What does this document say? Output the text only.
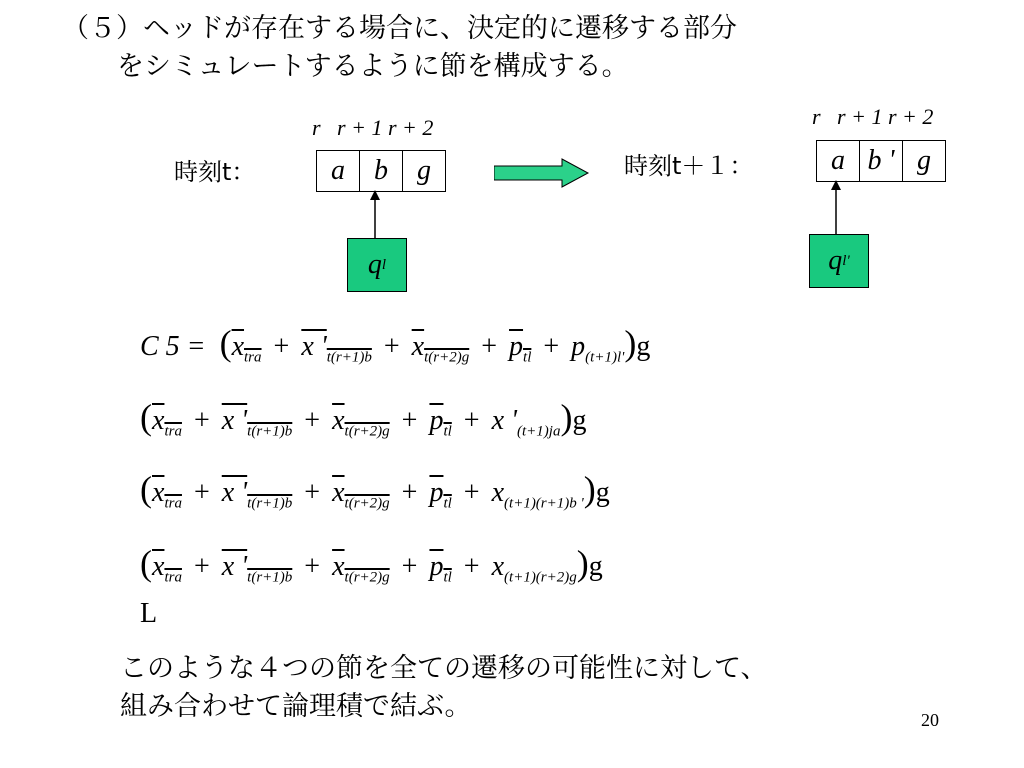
（５）ヘッドが存在する場合に、決定的に遷移する部分
をシミュレートするように節を構成する。
r   r + 1 r + 2
時刻t：	a	b	g
q l
r   r + 1 r + 2
時刻t＋１：	a b ' g
q l'
C 5 = ( $x_{tra} + x$ '$_{t(r+1)b} + x_{t(r+2)g} + p_{tl} + p_{(t+1)l'}$ ) g
( $x_{tra} + x$ '$_{t(r+1)b} + x_{t(r+2)g} + p_{tl} + x$ '$_{(t+1)ja}$ ) g
( $x_{tra} + x$ '$_{t(r+1)b} + x_{t(r+2)g} + p_{tl} + x_{(t+1)(r+1)b '}$ ) g
( $x_{tra} + x$ '$_{t(r+1)b} + x_{t(r+2)g} + p_{tl} + x_{(t+1)(r+2)g}$ ) g
L
このような４つの節を全ての遷移の可能性に対して、
組み合わせて論理積で結ぶ。	20
